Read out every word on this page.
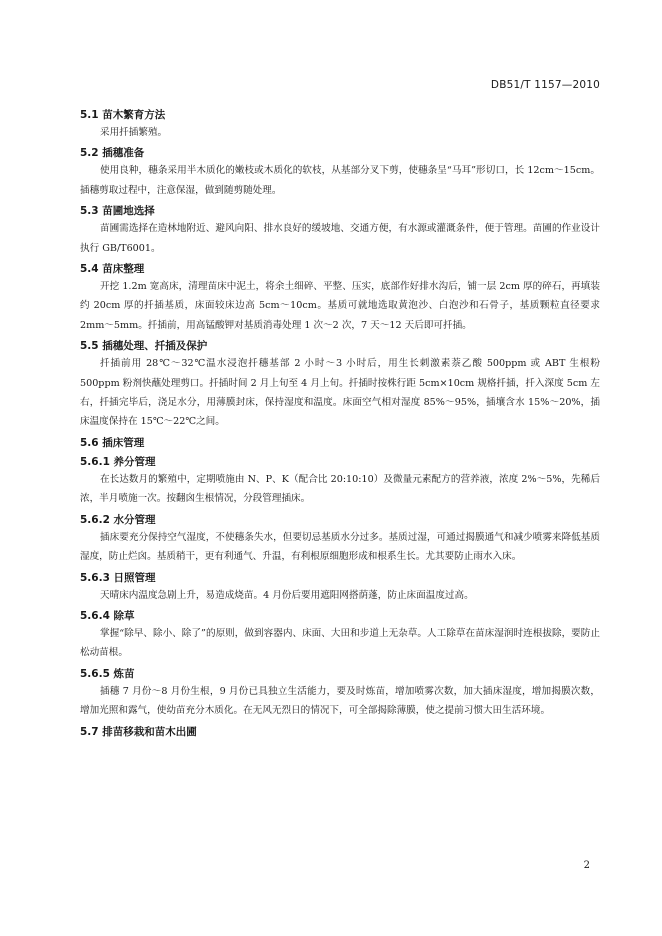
DB51/T 1157—2010

5.1 苗木繁育方法

采用扦插繁殖。

5.2 插穗准备

使用良种，穗条采用半木质化的嫩枝或木质化的软枝，从基部分叉下剪，使穗条呈“马耳”形切口，长 12cm～15cm。插穗剪取过程中，注意保湿，做到随剪随处理。

5.3 苗圃地选择

苗圃需选择在造林地附近、避风向阳、排水良好的缓坡地、交通方便，有水源或灌溉条件，便于管理。苗圃的作业设计执行 GB/T6001。

5.4 苗床整理

开挖 1.2m 宽高床，清理苗床中泥土，将余土细碎、平整、压实，底部作好排水沟后，铺一层 2cm 厚的碎石，再填装约 20cm 厚的扦插基质，床面较床边高 5cm～10cm。基质可就地选取黄泡沙、白泡沙和石骨子，基质颗粒直径要求 2mm～5mm。扦插前，用高锰酸钾对基质消毒处理 1 次～2 次，7 天～12 天后即可扦插。

5.5 插穗处理、扦插及保护

扦插前用 28℃～32℃温水浸泡扦穗基部 2 小时～3 小时后，用生长刺激素萘乙酸 500ppm 或 ABT 生根粉 500ppm 粉剂快蘸处理剪口。扦插时间 2 月上旬至 4 月上旬。扦插时按株行距 5cm×10cm 规格扦插，扦入深度 5cm 左右，扦插完毕后，浇足水分，用薄膜封床，保持湿度和温度。床面空气相对湿度 85%～95%，插壤含水 15%～20%，插床温度保持在 15℃～22℃之间。

5.6 插床管理

5.6.1 养分管理

在长达数月的繁殖中，定期喷施由 N、P、K（配合比 20:10:10）及微量元素配方的营养液，浓度 2%～5%，先稀后浓，半月喷施一次。按翻囟生根情况，分段管理插床。

5.6.2 水分管理

插床要充分保持空气湿度，不使穗条失水，但要切忌基质水分过多。基质过湿，可通过揭膜通气和减少喷雾来降低基质湿度，防止烂囟。基质稍干，更有利通气、升温，有利根原细胞形成和根系生长。尤其要防止雨水入床。

5.6.3 日照管理

天晴床内温度急剧上升，易造成烧苗。4 月份后要用遮阳网搭荫蓬，防止床面温度过高。

5.6.4 除草

掌握“除早、除小、除了”的原则，做到容器内、床面、大田和步道上无杂草。人工除草在苗床湿润时连根拔除，要防止松动苗根。

5.6.5 炼苗

插穗 7 月份～8 月份生根，9 月份已具独立生活能力，要及时炼苗，增加喷雾次数，加大插床湿度，增加揭膜次数，增加光照和露气，使幼苗充分木质化。在无风无烈日的情况下，可全部揭除薄膜，使之提前习惯大田生活环境。

5.7 排苗移栽和苗木出圃

2
